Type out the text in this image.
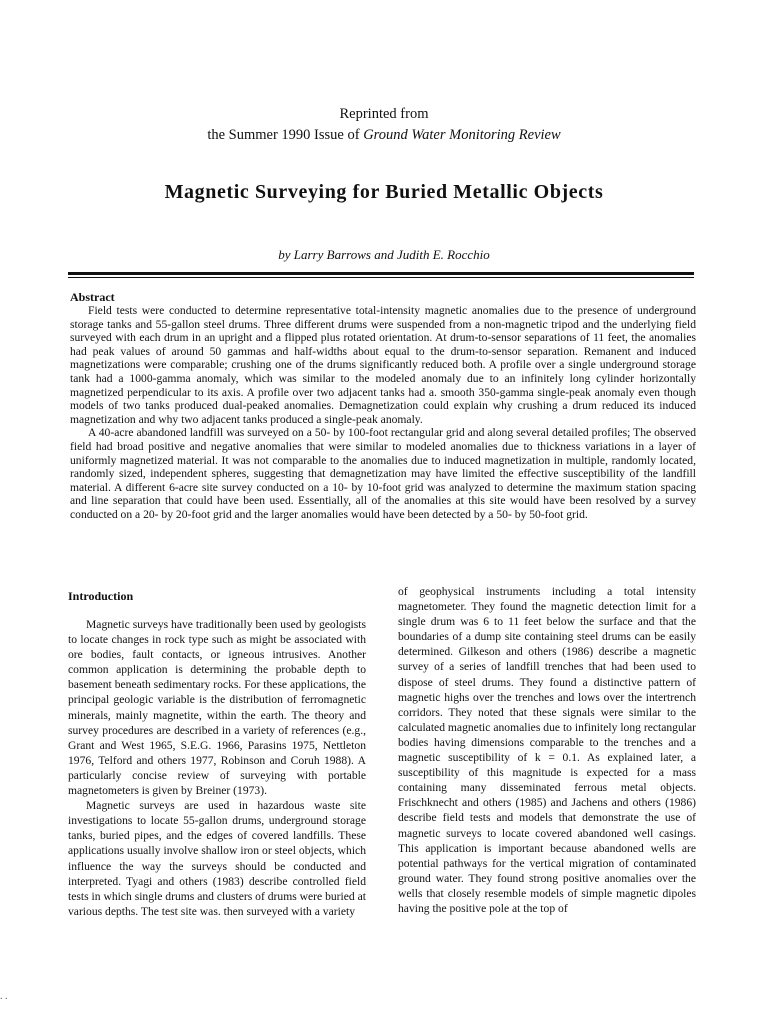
Reprinted from
the Summer 1990 Issue of Ground Water Monitoring Review
Magnetic Surveying for Buried Metallic Objects
by Larry Barrows and Judith E. Rocchio
Abstract

Field tests were conducted to determine representative total-intensity magnetic anomalies due to the presence of underground storage tanks and 55-gallon steel drums. Three different drums were suspended from a non-magnetic tripod and the underlying field surveyed with each drum in an upright and a flipped plus rotated orientation. At drum-to-sensor separations of 11 feet, the anomalies had peak values of around 50 gammas and half-widths about equal to the drum-to-sensor separation. Remanent and induced magnetizations were comparable; crushing one of the drums significantly reduced both. A profile over a single underground storage tank had a 1000-gamma anomaly, which was similar to the modeled anomaly due to an infinitely long cylinder horizontally magnetized perpendicular to its axis. A profile over two adjacent tanks had a. smooth 350-gamma single-peak anomaly even though models of two tanks produced dual-peaked anomalies. Demagnetization could explain why crushing a drum reduced its induced magnetization and why two adjacent tanks produced a single-peak anomaly.

A 40-acre abandoned landfill was surveyed on a 50- by 100-foot rectangular grid and along several detailed profiles; The observed field had broad positive and negative anomalies that were similar to modeled anomalies due to thickness variations in a layer of uniformly magnetized material. It was not comparable to the anomalies due to induced magnetization in multiple, randomly located, randomly sized, independent spheres, suggesting that demagnetization may have limited the effective susceptibility of the landfill material. A different 6-acre site survey conducted on a 10- by 10-foot grid was analyzed to determine the maximum station spacing and line separation that could have been used. Essentially, all of the anomalies at this site would have been resolved by a survey conducted on a 20- by 20-foot grid and the larger anomalies would have been detected by a 50- by 50-foot grid.

Introduction

Magnetic surveys have traditionally been used by geologists to locate changes in rock type such as might be associated with ore bodies, fault contacts, or igneous intrusives. Another common application is determining the probable depth to basement beneath sedimentary rocks. For these applications, the principal geologic variable is the distribution of ferromagnetic minerals, mainly magnetite, within the earth. The theory and survey procedures are described in a variety of references (e.g., Grant and West 1965, S.E.G. 1966, Parasins 1975, Nettleton 1976, Telford and others 1977, Robinson and Coruh 1988). A particularly concise review of surveying with portable magnetometers is given by Breiner (1973).

Magnetic surveys are used in hazardous waste site investigations to locate 55-gallon drums, underground storage tanks, buried pipes, and the edges of covered landfills. These applications usually involve shallow iron or steel objects, which influence the way the surveys should be conducted and interpreted. Tyagi and others (1983) describe controlled field tests in which single drums and clusters of drums were buried at various depths. The test site was. then surveyed with a variety

of geophysical instruments including a total intensity magnetometer. They found the magnetic detection limit for a single drum was 6 to 11 feet below the surface and that the boundaries of a dump site containing steel drums can be easily determined. Gilkeson and others (1986) describe a magnetic survey of a series of landfill trenches that had been used to dispose of steel drums. They found a distinctive pattern of magnetic highs over the trenches and lows over the intertrench corridors. They noted that these signals were similar to the calculated magnetic anomalies due to infinitely long rectangular bodies having dimensions comparable to the trenches and a magnetic susceptibility of k = 0.1. As explained later, a susceptibility of this magnitude is expected for a mass containing many disseminated ferrous metal objects. Frischknecht and others (1985) and Jachens and others (1986) describe field tests and models that demonstrate the use of magnetic surveys to locate covered abandoned well casings. This application is important because abandoned wells are potential pathways for the vertical migration of contaminated ground water. They found strong positive anomalies over the wells that closely resemble models of simple magnetic dipoles having the positive pole at the top of

. .
